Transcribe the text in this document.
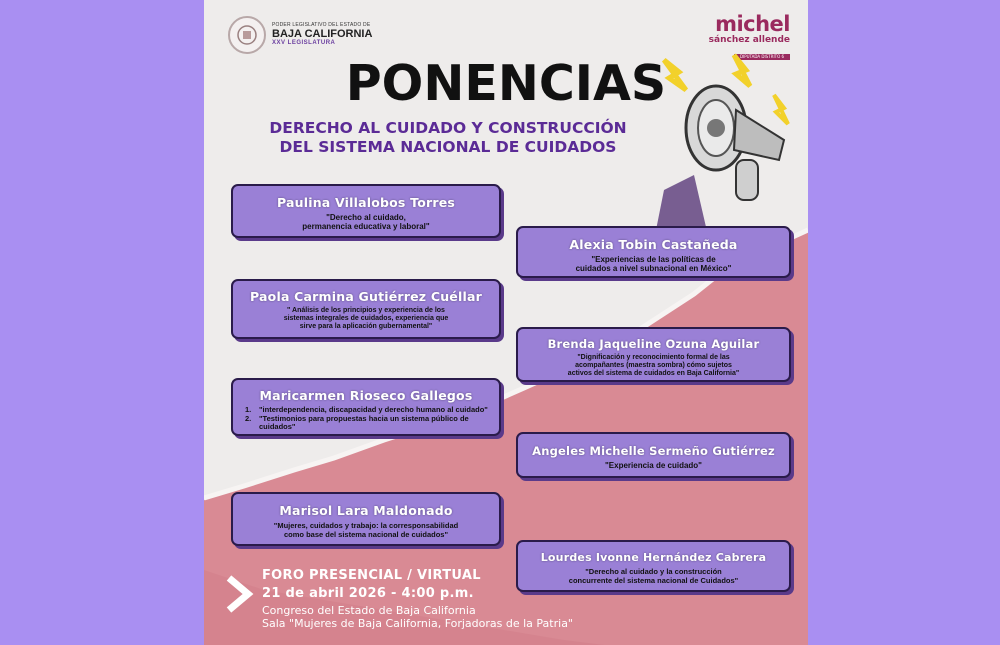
PODER LEGISLATIVO DEL ESTADO DE
BAJA CALIFORNIA
XXV LEGISLATURA
michel
sánchez allende
DIPUTADA DISTRITO 6
PONENCIAS
DERECHO AL CUIDADO Y CONSTRUCCIÓN
DEL SISTEMA NACIONAL DE CUIDADOS
Paulina Villalobos Torres
"Derecho al cuidado,
permanencia educativa y laboral"
Alexia Tobin Castañeda
"Experiencias de las políticas de
cuidados a nivel subnacional en México"
Paola Carmina Gutiérrez Cuéllar
" Análisis de los principios y experiencia de los
sistemas integrales de cuidados, experiencia que
sirve para la aplicación gubernamental"
Brenda Jaqueline Ozuna Aguilar
"Dignificación y reconocimiento formal de las
acompañantes (maestra sombra) cómo sujetos
activos del sistema de cuidados en Baja California"
Maricarmen Rioseco Gallegos
1.	"interdependencia, discapacidad y derecho humano al cuidado"
2.	"Testimonios para propuestas hacia un sistema público de cuidados"
Angeles Michelle Sermeño Gutiérrez
"Experiencia de cuidado"
Marisol Lara Maldonado
"Mujeres, cuidados y trabajo: la corresponsabilidad
como base del sistema nacional de cuidados"
Lourdes Ivonne Hernández Cabrera
"Derecho al cuidado y la construcción
concurrente del sistema nacional de Cuidados"
FORO PRESENCIAL / VIRTUAL
21 de abril 2026 - 4:00 p.m.
Congreso del Estado de Baja California
Sala "Mujeres de Baja California, Forjadoras de la Patria"
